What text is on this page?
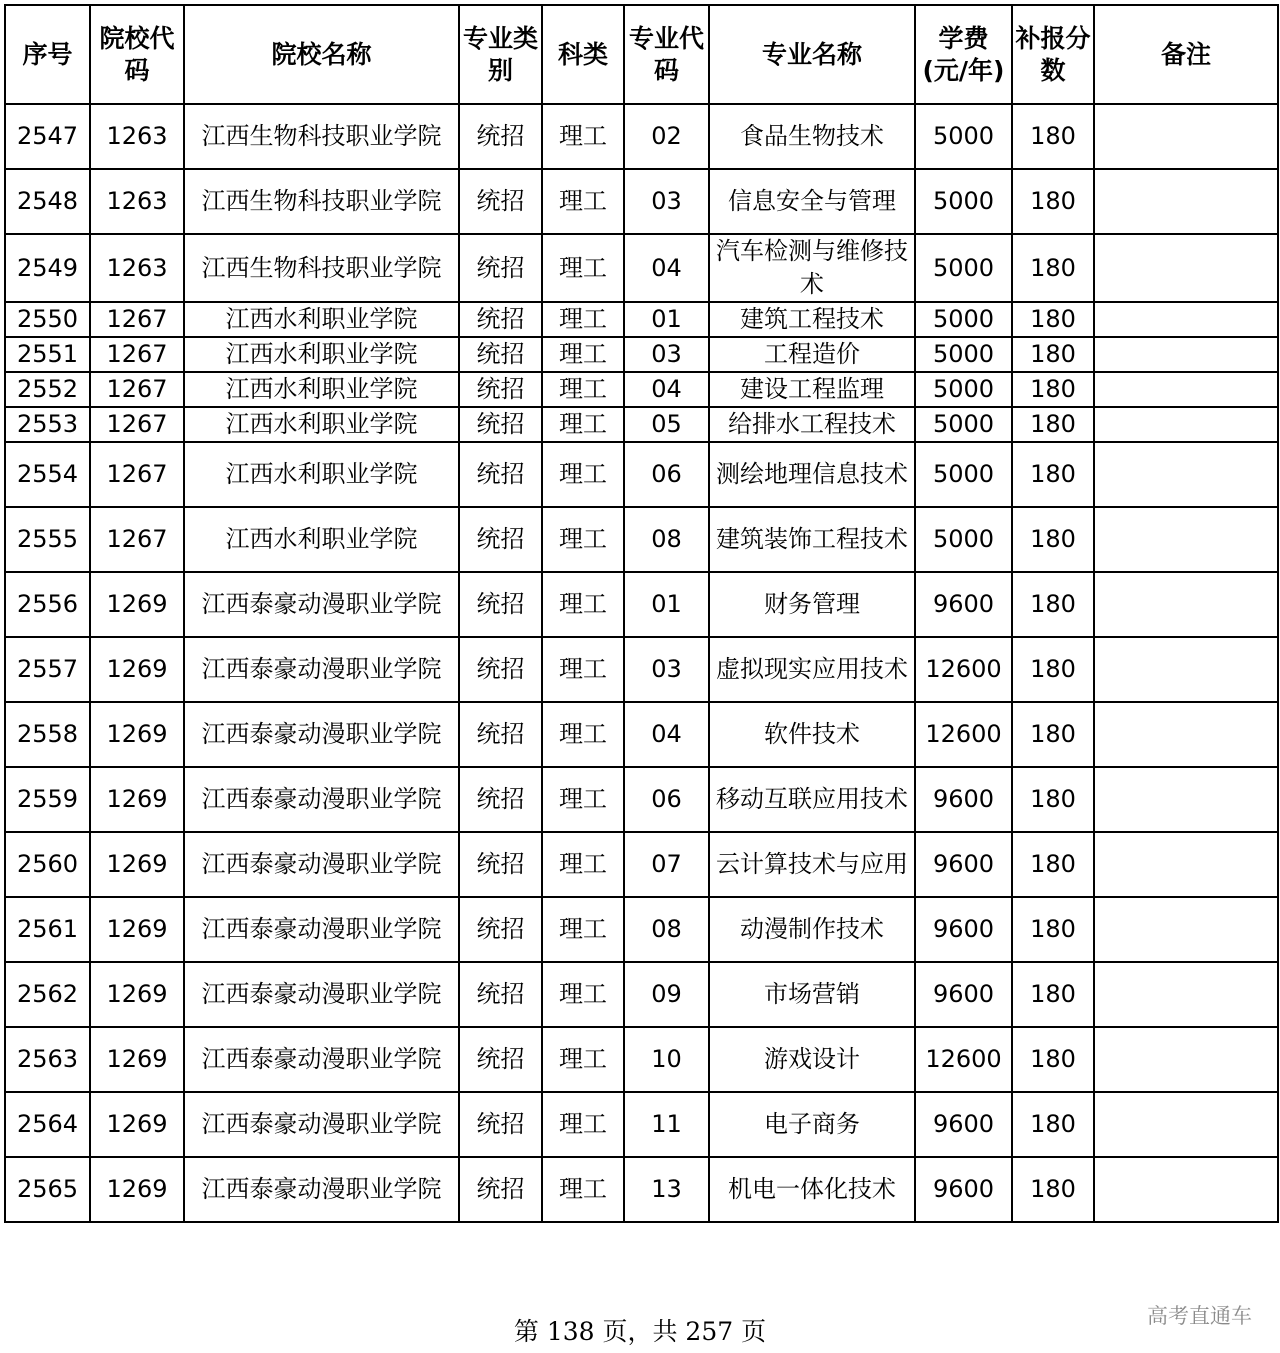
序号	院校代码	院校名称	专业类别	科类	专业代码	专业名称	学费(元/年)	补报分数	备注
2547	1263	江西生物科技职业学院	统招	理工	02	食品生物技术	5000	180	
2548	1263	江西生物科技职业学院	统招	理工	03	信息安全与管理	5000	180	
2549	1263	江西生物科技职业学院	统招	理工	04	汽车检测与维修技术	5000	180	
2550	1267	江西水利职业学院	统招	理工	01	建筑工程技术	5000	180	
2551	1267	江西水利职业学院	统招	理工	03	工程造价	5000	180	
2552	1267	江西水利职业学院	统招	理工	04	建设工程监理	5000	180	
2553	1267	江西水利职业学院	统招	理工	05	给排水工程技术	5000	180	
2554	1267	江西水利职业学院	统招	理工	06	测绘地理信息技术	5000	180	
2555	1267	江西水利职业学院	统招	理工	08	建筑装饰工程技术	5000	180	
2556	1269	江西泰豪动漫职业学院	统招	理工	01	财务管理	9600	180	
2557	1269	江西泰豪动漫职业学院	统招	理工	03	虚拟现实应用技术	12600	180	
2558	1269	江西泰豪动漫职业学院	统招	理工	04	软件技术	12600	180	
2559	1269	江西泰豪动漫职业学院	统招	理工	06	移动互联应用技术	9600	180	
2560	1269	江西泰豪动漫职业学院	统招	理工	07	云计算技术与应用	9600	180	
2561	1269	江西泰豪动漫职业学院	统招	理工	08	动漫制作技术	9600	180	
2562	1269	江西泰豪动漫职业学院	统招	理工	09	市场营销	9600	180	
2563	1269	江西泰豪动漫职业学院	统招	理工	10	游戏设计	12600	180	
2564	1269	江西泰豪动漫职业学院	统招	理工	11	电子商务	9600	180	
2565	1269	江西泰豪动漫职业学院	统招	理工	13	机电一体化技术	9600	180	
第 138 页，共 257 页
高考直通车
